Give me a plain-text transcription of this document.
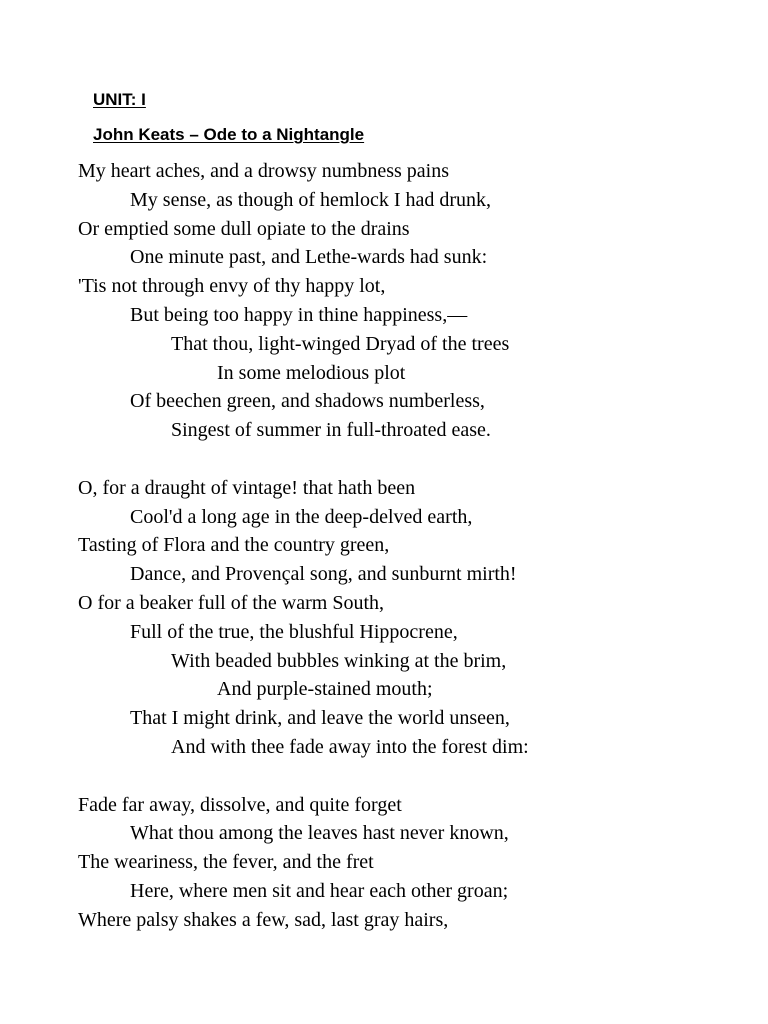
UNIT: I
John Keats – Ode to a Nightangle
My heart aches, and a drowsy numbness pains
My sense, as though of hemlock I had drunk,
Or emptied some dull opiate to the drains
One minute past, and Lethe-wards had sunk:
'Tis not through envy of thy happy lot,
But being too happy in thine happiness,—
That thou, light-winged Dryad of the trees
In some melodious plot
Of beechen green, and shadows numberless,
Singest of summer in full-throated ease.
O, for a draught of vintage! that hath been
Cool'd a long age in the deep-delved earth,
Tasting of Flora and the country green,
Dance, and Provençal song, and sunburnt mirth!
O for a beaker full of the warm South,
Full of the true, the blushful Hippocrene,
With beaded bubbles winking at the brim,
And purple-stained mouth;
That I might drink, and leave the world unseen,
And with thee fade away into the forest dim:
Fade far away, dissolve, and quite forget
What thou among the leaves hast never known,
The weariness, the fever, and the fret
Here, where men sit and hear each other groan;
Where palsy shakes a few, sad, last gray hairs,
